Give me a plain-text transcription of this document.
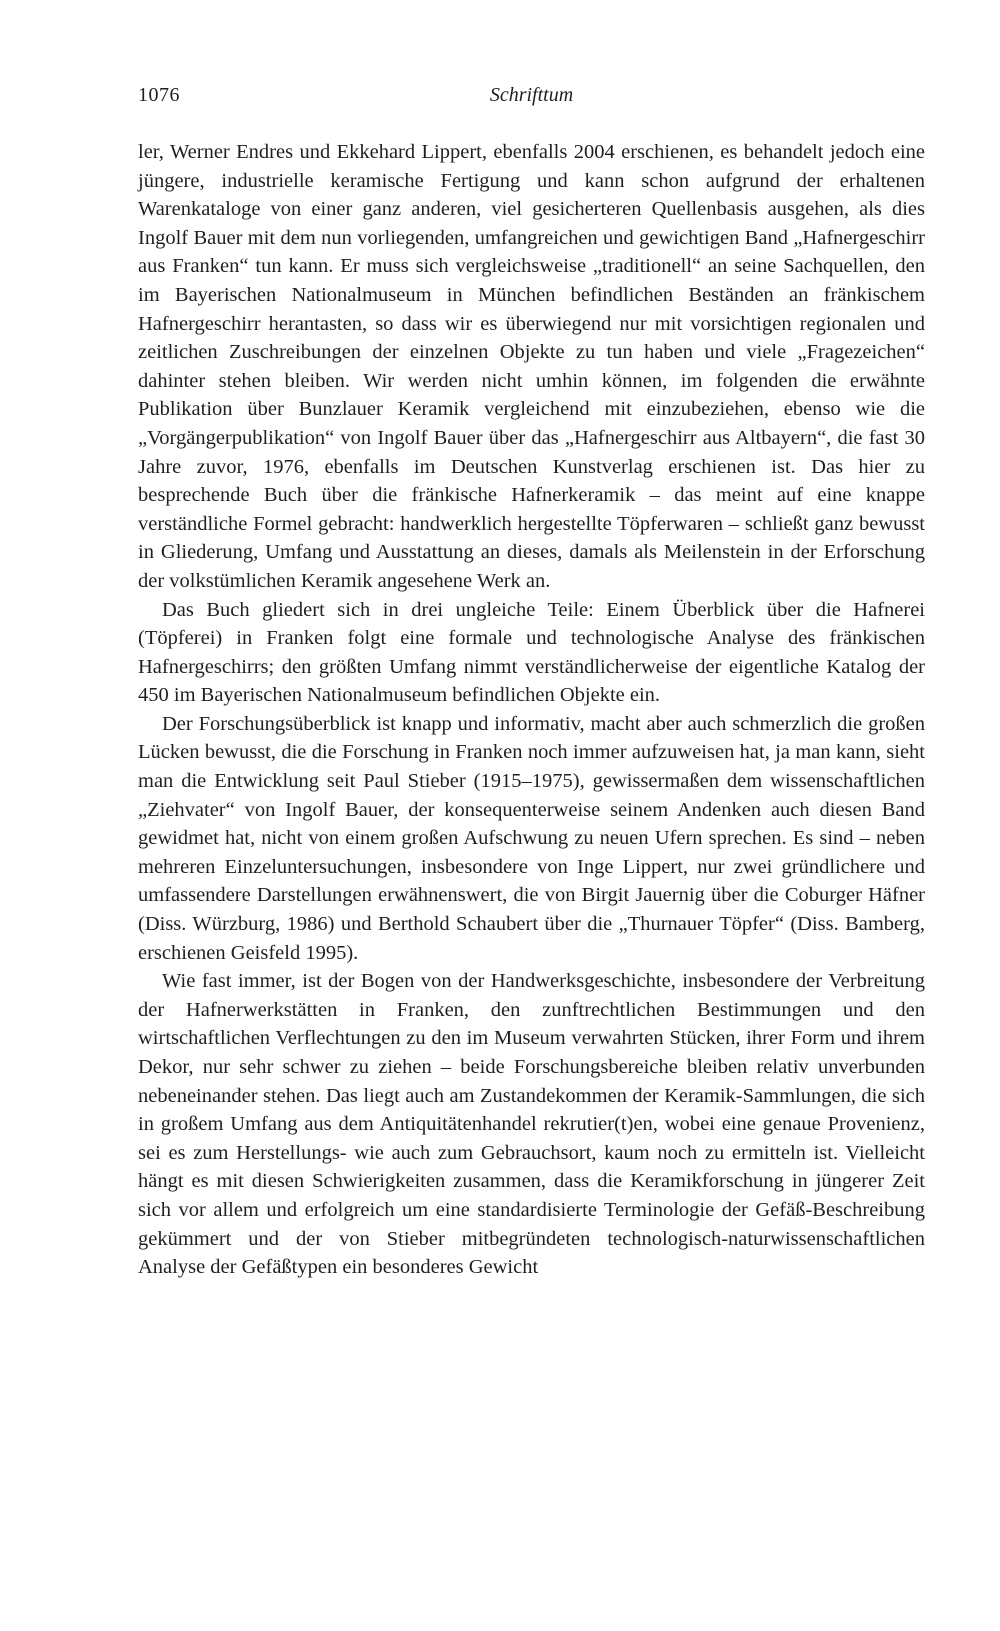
1076	Schrifttum

ler, Werner Endres und Ekkehard Lippert, ebenfalls 2004 erschienen, es behandelt jedoch eine jüngere, industrielle keramische Fertigung und kann schon aufgrund der erhaltenen Warenkataloge von einer ganz anderen, viel gesicherteren Quellenbasis ausgehen, als dies Ingolf Bauer mit dem nun vorliegenden, umfangreichen und gewichtigen Band „Hafnergeschirr aus Franken“ tun kann. Er muss sich vergleichsweise „traditionell“ an seine Sachquellen, den im Bayerischen Nationalmuseum in München befindlichen Beständen an fränkischem Hafnergeschirr herantasten, so dass wir es überwiegend nur mit vorsichtigen regionalen und zeitlichen Zuschreibungen der einzelnen Objekte zu tun haben und viele „Fragezeichen“ dahinter stehen bleiben. Wir werden nicht umhin können, im folgenden die erwähnte Publikation über Bunzlauer Keramik vergleichend mit einzubeziehen, ebenso wie die „Vorgängerpublikation“ von Ingolf Bauer über das „Hafnergeschirr aus Altbayern“, die fast 30 Jahre zuvor, 1976, ebenfalls im Deutschen Kunstverlag erschienen ist. Das hier zu besprechende Buch über die fränkische Hafnerkeramik – das meint auf eine knappe verständliche Formel gebracht: handwerklich hergestellte Töpferwaren – schließt ganz bewusst in Gliederung, Umfang und Ausstattung an dieses, damals als Meilenstein in der Erforschung der volkstümlichen Keramik angesehene Werk an.

Das Buch gliedert sich in drei ungleiche Teile: Einem Überblick über die Hafnerei (Töpferei) in Franken folgt eine formale und technologische Analyse des fränkischen Hafnergeschirrs; den größten Umfang nimmt verständlicherweise der eigentliche Katalog der 450 im Bayerischen Nationalmuseum befindlichen Objekte ein.

Der Forschungsüberblick ist knapp und informativ, macht aber auch schmerzlich die großen Lücken bewusst, die die Forschung in Franken noch immer aufzuweisen hat, ja man kann, sieht man die Entwicklung seit Paul Stieber (1915–1975), gewissermaßen dem wissenschaftlichen „Ziehvater“ von Ingolf Bauer, der konsequenterweise seinem Andenken auch diesen Band gewidmet hat, nicht von einem großen Aufschwung zu neuen Ufern sprechen. Es sind – neben mehreren Einzeluntersuchungen, insbesondere von Inge Lippert, nur zwei gründlichere und umfassendere Darstellungen erwähnenswert, die von Birgit Jauernig über die Coburger Häfner (Diss. Würzburg, 1986) und Berthold Schaubert über die „Thurnauer Töpfer“ (Diss. Bamberg, erschienen Geisfeld 1995).

Wie fast immer, ist der Bogen von der Handwerksgeschichte, insbesondere der Verbreitung der Hafnerwerkstätten in Franken, den zunftrechtlichen Bestimmungen und den wirtschaftlichen Verflechtungen zu den im Museum verwahrten Stücken, ihrer Form und ihrem Dekor, nur sehr schwer zu ziehen – beide Forschungsbereiche bleiben relativ unverbunden nebeneinander stehen. Das liegt auch am Zustandekommen der Keramik-Sammlungen, die sich in großem Umfang aus dem Antiquitätenhandel rekrutier(t)en, wobei eine genaue Provenienz, sei es zum Herstellungs- wie auch zum Gebrauchsort, kaum noch zu ermitteln ist. Vielleicht hängt es mit diesen Schwierigkeiten zusammen, dass die Keramikforschung in jüngerer Zeit sich vor allem und erfolgreich um eine standardisierte Terminologie der Gefäß-Beschreibung gekümmert und der von Stieber mitbegründeten technologisch-naturwissenschaftlichen Analyse der Gefäßtypen ein besonderes Gewicht
